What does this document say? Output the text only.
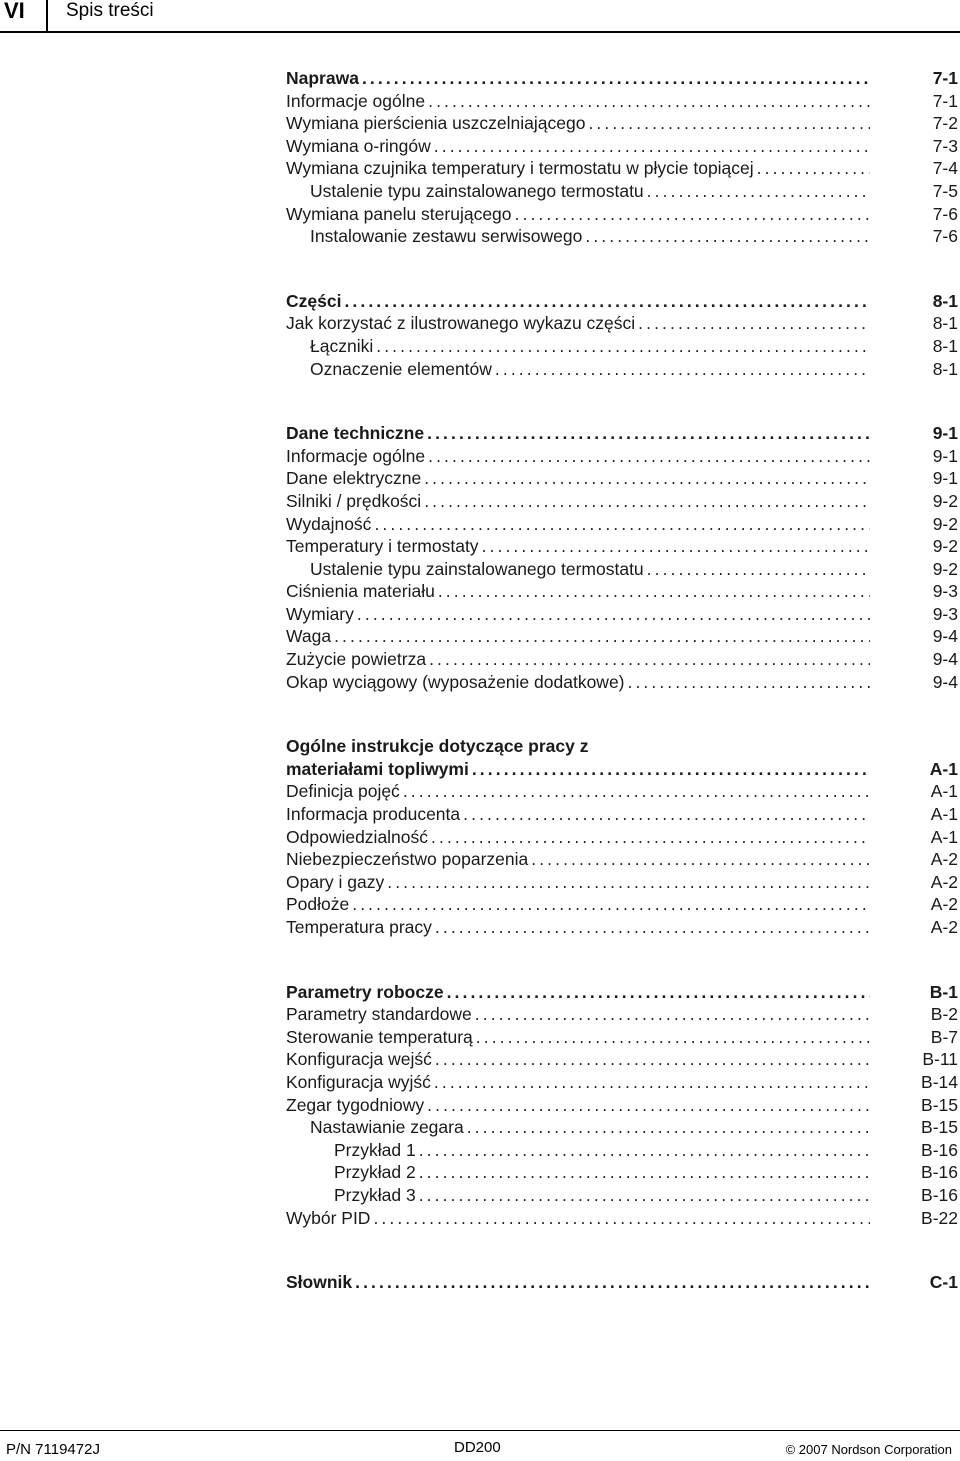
VI Spis treści
Naprawa .....	7-1
Informacje ogólne .....	7-1
Wymiana pierścienia uszczelniającego .....	7-2
Wymiana o-ringów .....	7-3
Wymiana czujnika temperatury i termostatu w płycie topiącej .....	7-4
Ustalenie typu zainstalowanego termostatu .....	7-5
Wymiana panelu sterującego .....	7-6
Instalowanie zestawu serwisowego .....	7-6
Części .....	8-1
Jak korzystać z ilustrowanego wykazu części .....	8-1
Łączniki .....	8-1
Oznaczenie elementów .....	8-1
Dane techniczne .....	9-1
Informacje ogólne .....	9-1
Dane elektryczne .....	9-1
Silniki / prędkości .....	9-2
Wydajność .....	9-2
Temperatury i termostaty .....	9-2
Ustalenie typu zainstalowanego termostatu .....	9-2
Ciśnienia materiału .....	9-3
Wymiary .....	9-3
Waga .....	9-4
Zużycie powietrza .....	9-4
Okap wyciągowy (wyposażenie dodatkowe) .....	9-4
Ogólne instrukcje dotyczące pracy z
materiałami topliwymi .....	A-1
Definicja pojęć .....	A-1
Informacja producenta .....	A-1
Odpowiedzialność .....	A-1
Niebezpieczeństwo poparzenia .....	A-2
Opary i gazy .....	A-2
Podłoże .....	A-2
Temperatura pracy .....	A-2
Parametry robocze .....	B-1
Parametry standardowe .....	B-2
Sterowanie temperaturą .....	B-7
Konfiguracja wejść .....	B-11
Konfiguracja wyjść .....	B-14
Zegar tygodniowy .....	B-15
Nastawianie zegara .....	B-15
Przykład 1 .....	B-16
Przykład 2 .....	B-16
Przykład 3 .....	B-16
Wybór PID .....	B-22
Słownik .....	C-1
P/N 7119472J	DD200	© 2007 Nordson Corporation
